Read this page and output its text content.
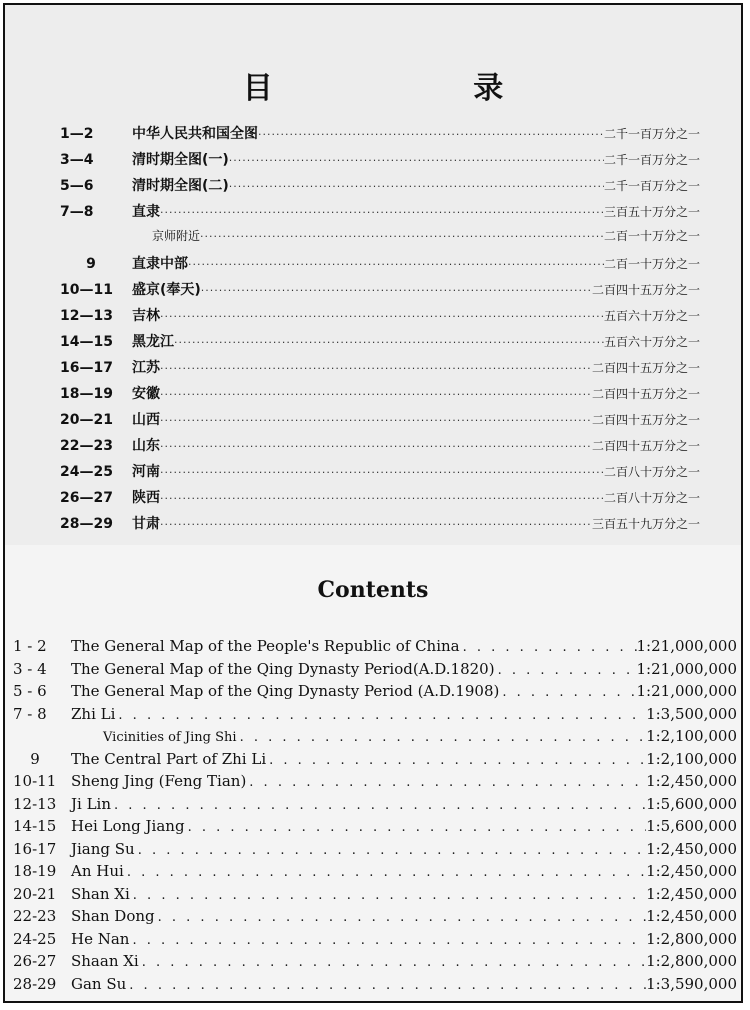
目 录
1—2	中华人民共和国全图 ·····	二千一百万分之一
3—4	清时期全图(一) ·····	二千一百万分之一
5—6	清时期全图(二) ·····	二千一百万分之一
7—8	直隶 ·····	三百五十万分之一
京师附近 ·····	二百一十万分之一
9	直隶中部 ·····	二百一十万分之一
10—11	盛京(奉天) ·····	二百四十五万分之一
12—13	吉林 ·····	五百六十万分之一
14—15	黑龙江 ·····	五百六十万分之一
16—17	江苏 ·····	二百四十五万分之一
18—19	安徽 ·····	二百四十五万分之一
20—21	山西 ·····	二百四十五万分之一
22—23	山东 ·····	二百四十五万分之一
24—25	河南 ·····	二百八十万分之一
26—27	陕西 ·····	二百八十万分之一
28—29	甘肃 ·····	三百五十九万分之一
Contents
1 - 2	The General Map of the People's Republic of China . . .	1:21,000,000
3 - 4	The General Map of the Qing Dynasty Period(A.D.1820) . . .	1:21,000,000
5 - 6	The General Map of the Qing Dynasty Period (A.D.1908) . . .	1:21,000,000
7 - 8	Zhi Li . . .	1:3,500,000
Vicinities of Jing Shi . . .	1:2,100,000
9	The Central Part of Zhi Li . . .	1:2,100,000
10-11 Sheng Jing (Feng Tian) . . .	1:2,450,000
12-13 Ji Lin . . .	1:5,600,000
14-15 Hei Long Jiang . . .	1:5,600,000
16-17 Jiang Su . . .	1:2,450,000
18-19 An Hui . . .	1:2,450,000
20-21 Shan Xi . . .	1:2,450,000
22-23 Shan Dong . . .	1:2,450,000
24-25 He Nan . . .	1:2,800,000
26-27 Shaan Xi . . .	1:2,800,000
28-29 Gan Su . . .	1:3,590,000
